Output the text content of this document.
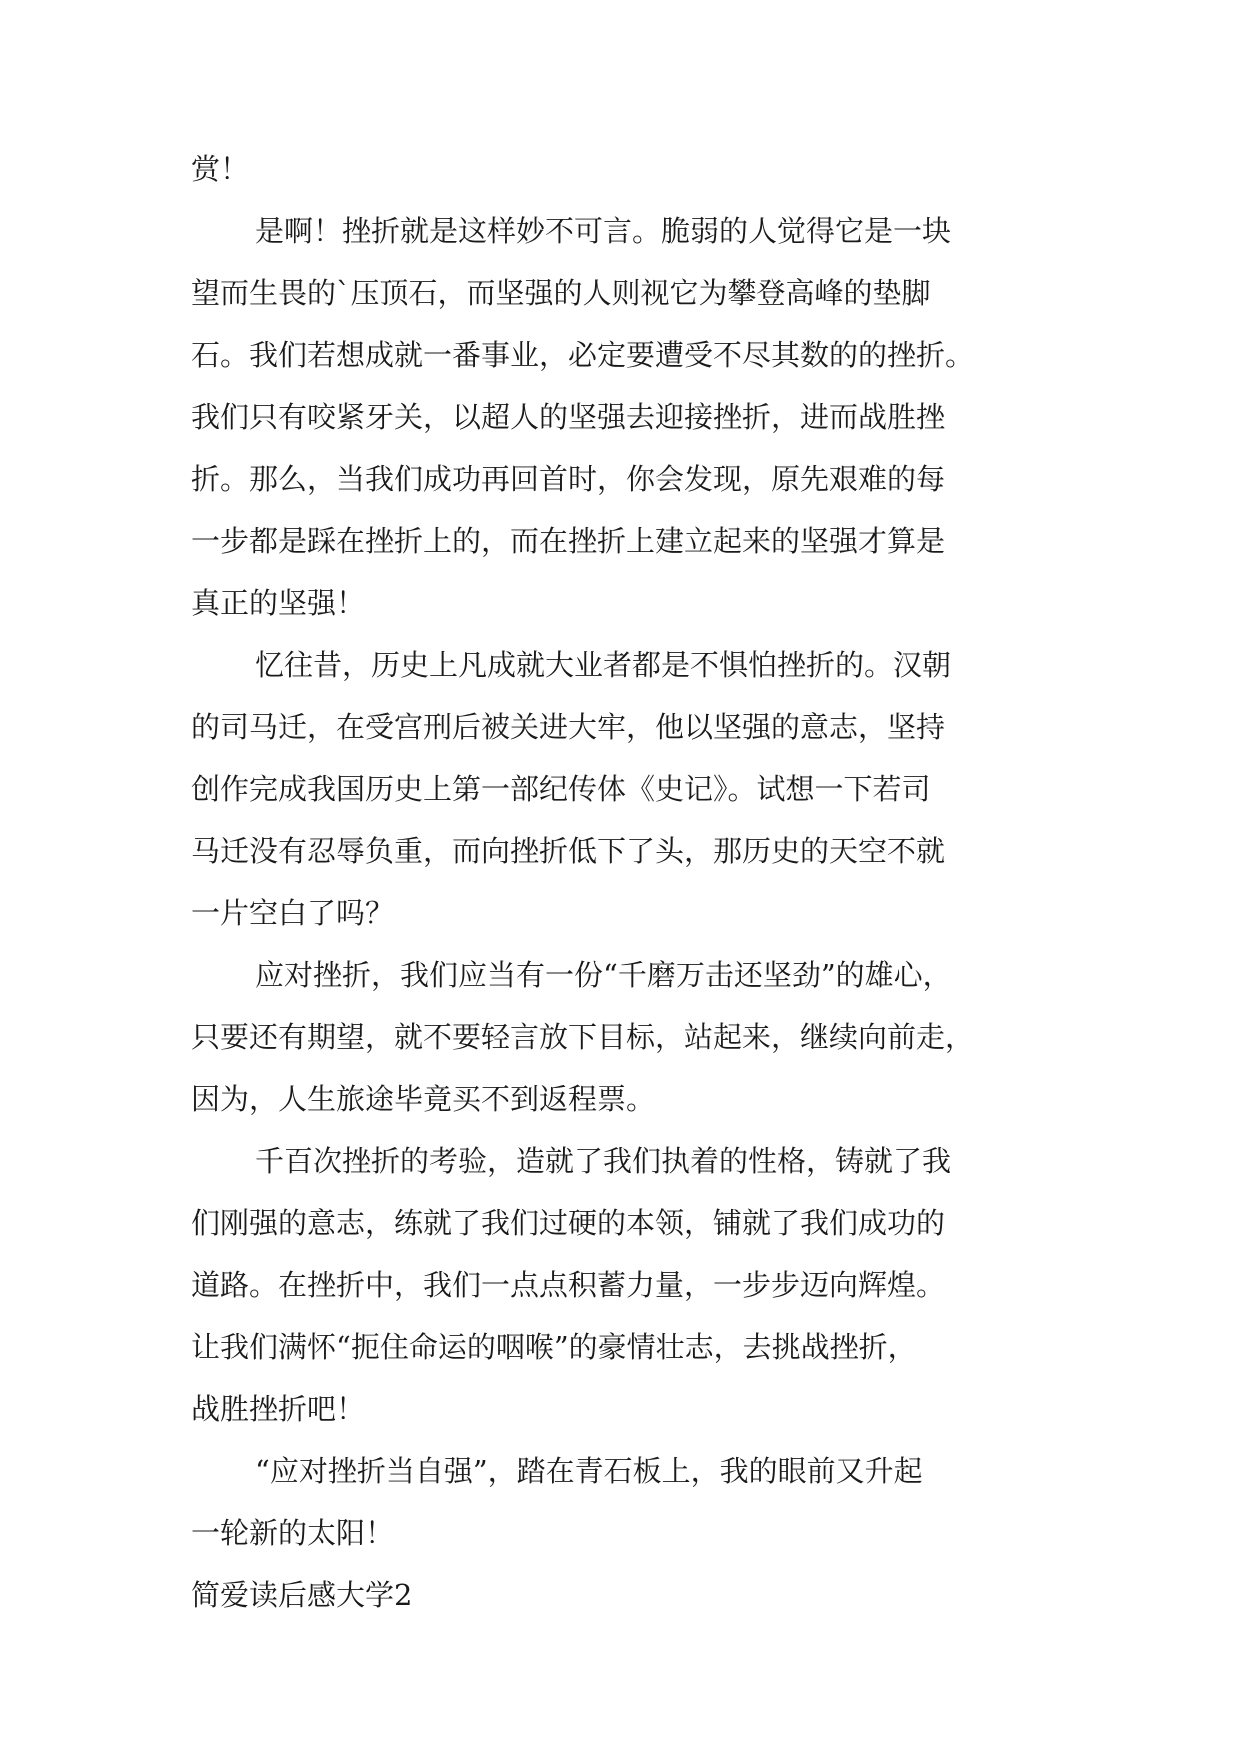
赏！
是啊！挫折就是这样妙不可言。脆弱的人觉得它是一块
望而生畏的`压顶石，而坚强的人则视它为攀登高峰的垫脚
石。我们若想成就一番事业，必定要遭受不尽其数的的挫折。
我们只有咬紧牙关，以超人的坚强去迎接挫折，进而战胜挫
折。那么，当我们成功再回首时，你会发现，原先艰难的每
一步都是踩在挫折上的，而在挫折上建立起来的坚强才算是
真正的坚强！
忆往昔，历史上凡成就大业者都是不惧怕挫折的。汉朝
的司马迁，在受宫刑后被关进大牢，他以坚强的意志，坚持
创作完成我国历史上第一部纪传体《史记》。试想一下若司
马迁没有忍辱负重，而向挫折低下了头，那历史的天空不就
一片空白了吗？
应对挫折，我们应当有一份“千磨万击还坚劲”的雄心，
只要还有期望，就不要轻言放下目标，站起来，继续向前走，
因为，人生旅途毕竟买不到返程票。
千百次挫折的考验，造就了我们执着的性格，铸就了我
们刚强的意志，练就了我们过硬的本领，铺就了我们成功的
道路。在挫折中，我们一点点积蓄力量，一步步迈向辉煌。
让我们满怀“扼住命运的咽喉”的豪情壮志，去挑战挫折，
战胜挫折吧！
“应对挫折当自强”，踏在青石板上，我的眼前又升起
一轮新的太阳！
简爱读后感大学2
